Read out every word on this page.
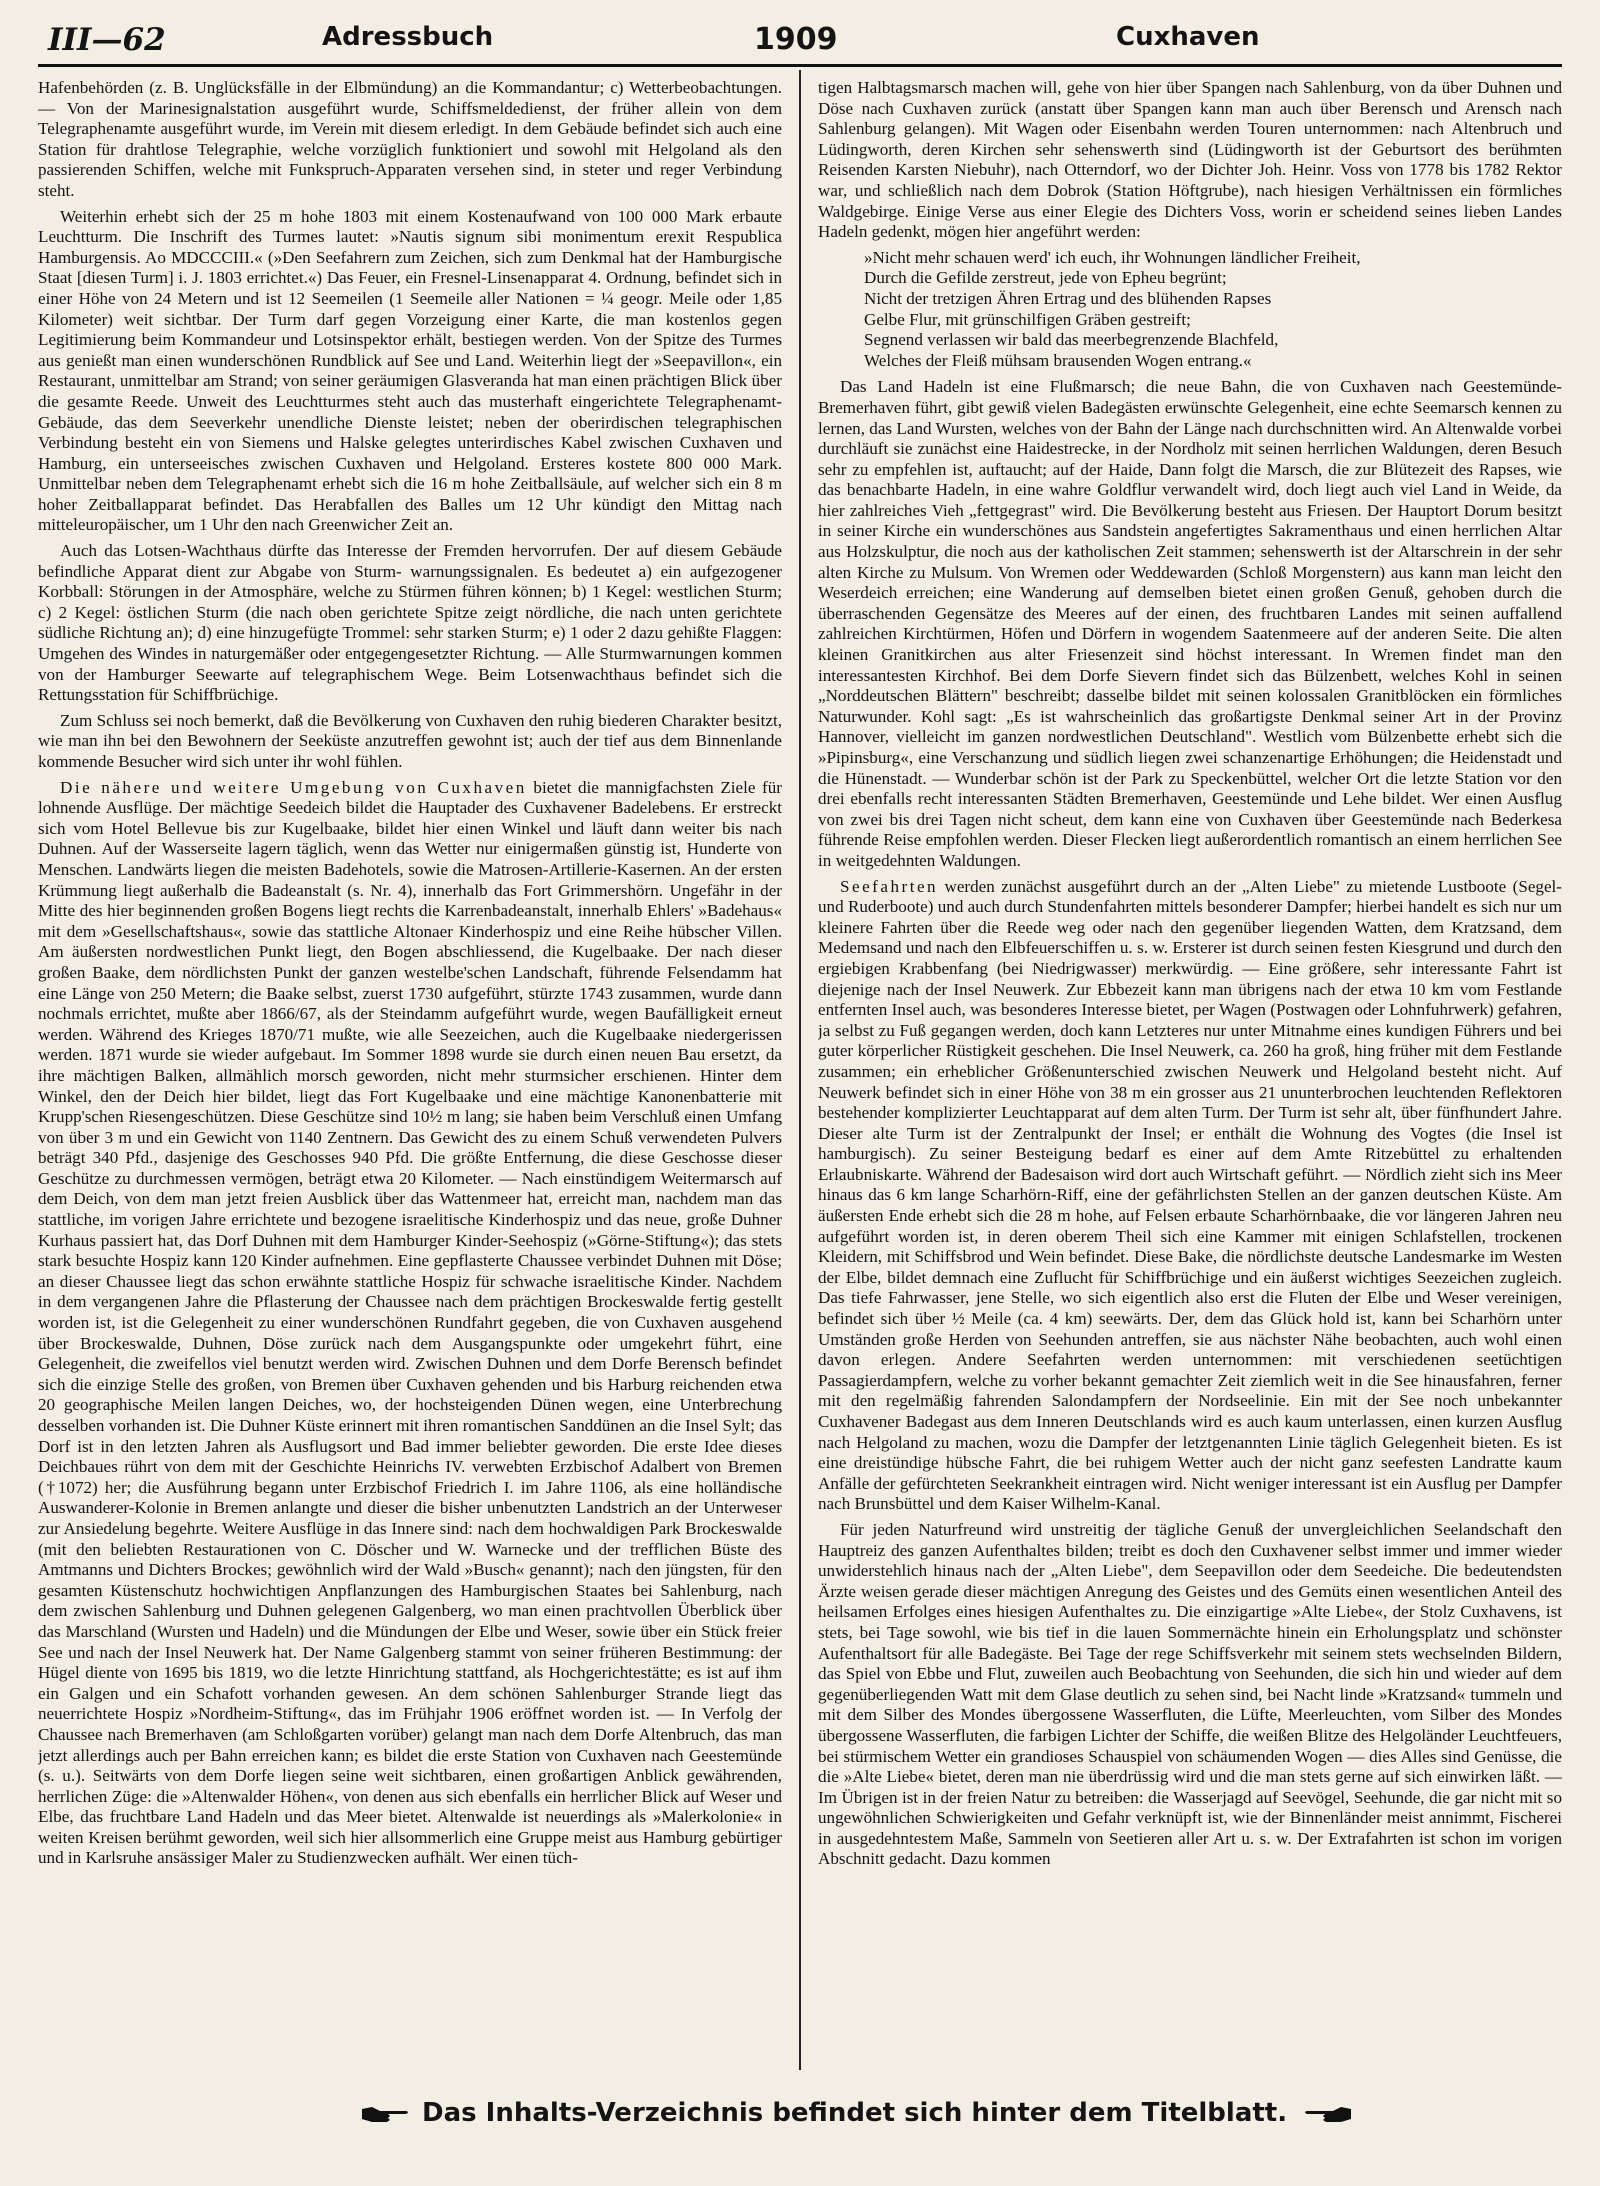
III—62	Adressbuch	1909	Cuxhaven

Hafenbehörden (z. B. Unglücksfälle in der Elbmündung) an die Kommandantur; c) Wetterbeobachtungen. — Von der Marinesignalstation ausgeführt wurde, Schiffsmeldedienst, der früher allein von dem Telegraphenamte ausgeführt wurde, im Verein mit diesem erledigt. In dem Gebäude befindet sich auch eine Station für drahtlose Telegraphie, welche vorzüglich funktioniert und sowohl mit Helgoland als den passierenden Schiffen, welche mit Funkspruch-Apparaten versehen sind, in steter und reger Verbindung steht.

Weiterhin erhebt sich der 25 m hohe 1803 mit einem Kostenaufwand von 100 000 Mark erbaute Leuchtturm. Die Inschrift des Turmes lautet: »Nautis signum sibi monimentum erexit Respublica Hamburgensis. Ao MDCCCIII.« (»Den Seefahrern zum Zeichen, sich zum Denkmal hat der Hamburgische Staat [diesen Turm] i. J. 1803 errichtet.«) Das Feuer, ein Fresnel-Linsenapparat 4. Ordnung, befindet sich in einer Höhe von 24 Metern und ist 12 Seemeilen (1 Seemeile aller Nationen = ¼ geogr. Meile oder 1,85 Kilometer) weit sichtbar. Der Turm darf gegen Vorzeigung einer Karte, die man kostenlos gegen Legitimierung beim Kommandeur und Lotsinspektor erhält, bestiegen werden. Von der Spitze des Turmes aus genießt man einen wunderschönen Rundblick auf See und Land. Weiterhin liegt der »Seepavillon«, ein Restaurant, unmittelbar am Strand; von seiner geräumigen Glasveranda hat man einen prächtigen Blick über die gesamte Reede. Unweit des Leuchtturmes steht auch das musterhaft eingerichtete Telegraphenamt-Gebäude, das dem Seeverkehr unendliche Dienste leistet; neben der oberirdischen telegraphischen Verbindung besteht ein von Siemens und Halske gelegtes unterirdisches Kabel zwischen Cuxhaven und Hamburg, ein unterseeisches zwischen Cuxhaven und Helgoland. Ersteres kostete 800 000 Mark. Unmittelbar neben dem Telegraphenamt erhebt sich die 16 m hohe Zeitballsäule, auf welcher sich ein 8 m hoher Zeitballapparat befindet. Das Herabfallen des Balles um 12 Uhr kündigt den Mittag nach mitteleuropäischer, um 1 Uhr den nach Greenwicher Zeit an.

Auch das Lotsen-Wachthaus dürfte das Interesse der Fremden hervorrufen. Der auf diesem Gebäude befindliche Apparat dient zur Abgabe von Sturm- warnungssignalen. Es bedeutet a) ein aufgezogener Korbball: Störungen in der Atmosphäre, welche zu Stürmen führen können; b) 1 Kegel: westlichen Sturm; c) 2 Kegel: östlichen Sturm (die nach oben gerichtete Spitze zeigt nördliche, die nach unten gerichtete südliche Richtung an); d) eine hinzugefügte Trommel: sehr starken Sturm; e) 1 oder 2 dazu gehißte Flaggen: Umgehen des Windes in naturgemäßer oder entgegengesetzter Richtung. — Alle Sturmwarnungen kommen von der Hamburger Seewarte auf telegraphischem Wege. Beim Lotsenwachthaus befindet sich die Rettungsstation für Schiffbrüchige.

Zum Schluss sei noch bemerkt, daß die Bevölkerung von Cuxhaven den ruhig biederen Charakter besitzt, wie man ihn bei den Bewohnern der Seeküste anzutreffen gewohnt ist; auch der tief aus dem Binnenlande kommende Besucher wird sich unter ihr wohl fühlen.

Die nähere und weitere Umgebung von Cuxhaven bietet die mannigfachsten Ziele für lohnende Ausflüge. Der mächtige Seedeich bildet die Hauptader des Cuxhavener Badelebens. Er erstreckt sich vom Hotel Bellevue bis zur Kugelbaake, bildet hier einen Winkel und läuft dann weiter bis nach Duhnen. Auf der Wasserseite lagern täglich, wenn das Wetter nur einigermaßen günstig ist, Hunderte von Menschen. Landwärts liegen die meisten Badehotels, sowie die Matrosen-Artillerie-Kasernen. An der ersten Krümmung liegt außerhalb die Badeanstalt (s. Nr. 4), innerhalb das Fort Grimmershörn. Ungefähr in der Mitte des hier beginnenden großen Bogens liegt rechts die Karrenbadeanstalt, innerhalb Ehlers' »Badehaus« mit dem »Gesellschaftshaus«, sowie das stattliche Altonaer Kinderhospiz und eine Reihe hübscher Villen. Am äußersten nordwestlichen Punkt liegt, den Bogen abschliessend, die Kugelbaake. Der nach dieser großen Baake, dem nördlichsten Punkt der ganzen westelbe'schen Landschaft, führende Felsendamm hat eine Länge von 250 Metern; die Baake selbst, zuerst 1730 aufgeführt, stürzte 1743 zusammen, wurde dann nochmals errichtet, mußte aber 1866/67, als der Steindamm aufgeführt wurde, wegen Baufälligkeit erneut werden. Während des Krieges 1870/71 mußte, wie alle Seezeichen, auch die Kugelbaake niedergerissen werden. 1871 wurde sie wieder aufgebaut. Im Sommer 1898 wurde sie durch einen neuen Bau ersetzt, da ihre mächtigen Balken, allmählich morsch geworden, nicht mehr sturmsicher erschienen. Hinter dem Winkel, den der Deich hier bildet, liegt das Fort Kugelbaake und eine mächtige Kanonenbatterie mit Krupp'schen Riesengeschützen. Diese Geschütze sind 10½ m lang; sie haben beim Verschluß einen Umfang von über 3 m und ein Gewicht von 1140 Zentnern. Das Gewicht des zu einem Schuß verwendeten Pulvers beträgt 340 Pfd., dasjenige des Geschosses 940 Pfd. Die größte Entfernung, die diese Geschosse dieser Geschütze zu durchmessen vermögen, beträgt etwa 20 Kilometer. — Nach einstündigem Weitermarsch auf dem Deich, von dem man jetzt freien Ausblick über das Wattenmeer hat, erreicht man, nachdem man das stattliche, im vorigen Jahre errichtete und bezogene israelitische Kinderhospiz und das neue, große Duhner Kurhaus passiert hat, das Dorf Duhnen mit dem Hamburger Kinder-Seehospiz (»Görne-Stiftung«); das stets stark besuchte Hospiz kann 120 Kinder aufnehmen. Eine gepflasterte Chaussee verbindet Duhnen mit Döse; an dieser Chaussee liegt das schon erwähnte stattliche Hospiz für schwache israelitische Kinder. Nachdem in dem vergangenen Jahre die Pflasterung der Chaussee nach dem prächtigen Brockeswalde fertig gestellt worden ist, ist die Gelegenheit zu einer wunderschönen Rundfahrt gegeben, die von Cuxhaven ausgehend über Brockeswalde, Duhnen, Döse zurück nach dem Ausgangspunkte oder umgekehrt führt, eine Gelegenheit, die zweifellos viel benutzt werden wird. Zwischen Duhnen und dem Dorfe Berensch befindet sich die einzige Stelle des großen, von Bremen über Cuxhaven gehenden und bis Harburg reichenden etwa 20 geographische Meilen langen Deiches, wo, der hochsteigenden Dünen wegen, eine Unterbrechung desselben vorhanden ist. Die Duhner Küste erinnert mit ihren romantischen Sanddünen an die Insel Sylt; das Dorf ist in den letzten Jahren als Ausflugsort und Bad immer beliebter geworden. Die erste Idee dieses Deichbaues rührt von dem mit der Geschichte Heinrichs IV. verwebten Erzbischof Adalbert von Bremen (†1072) her; die Ausführung begann unter Erzbischof Friedrich I. im Jahre 1106, als eine holländische Auswanderer-Kolonie in Bremen anlangte und dieser die bisher unbenutzten Landstrich an der Unterweser zur Ansiedelung begehrte. Weitere Ausflüge in das Innere sind: nach dem hochwaldigen Park Brockeswalde (mit den beliebten Restaurationen von C. Döscher und W. Warnecke und der trefflichen Büste des Amtmanns und Dichters Brockes; gewöhnlich wird der Wald »Busch« genannt); nach den jüngsten, für den gesamten Küstenschutz hochwichtigen Anpflanzungen des Hamburgischen Staates bei Sahlenburg, nach dem zwischen Sahlenburg und Duhnen gelegenen Galgenberg, wo man einen prachtvollen Überblick über das Marschland (Wursten und Hadeln) und die Mündungen der Elbe und Weser, sowie über ein Stück freier See und nach der Insel Neuwerk hat. Der Name Galgenberg stammt von seiner früheren Bestimmung: der Hügel diente von 1695 bis 1819, wo die letzte Hinrichtung stattfand, als Hochgerichtestätte; es ist auf ihm ein Galgen und ein Schafott vorhanden gewesen. An dem schönen Sahlenburger Strande liegt das neuerrichtete Hospiz »Nordheim-Stiftung«, das im Frühjahr 1906 eröffnet worden ist. — In Verfolg der Chaussee nach Bremerhaven (am Schloßgarten vorüber) gelangt man nach dem Dorfe Altenbruch, das man jetzt allerdings auch per Bahn erreichen kann; es bildet die erste Station von Cuxhaven nach Geestemünde (s. u.). Seitwärts von dem Dorfe liegen seine weit sichtbaren, einen großartigen Anblick gewährenden, herrlichen Züge: die »Altenwalder Höhen«, von denen aus sich ebenfalls ein herrlicher Blick auf Weser und Elbe, das fruchtbare Land Hadeln und das Meer bietet. Altenwalde ist neuerdings als »Malerkolonie« in weiten Kreisen berühmt geworden, weil sich hier allsommerlich eine Gruppe meist aus Hamburg gebürtiger und in Karlsruhe ansässiger Maler zu Studienzwecken aufhält. Wer einen tüch-

tigen Halbtagsmarsch machen will, gehe von hier über Spangen nach Sahlenburg, von da über Duhnen und Döse nach Cuxhaven zurück (anstatt über Spangen kann man auch über Berensch und Arensch nach Sahlenburg gelangen). Mit Wagen oder Eisenbahn werden Touren unternommen: nach Altenbruch und Lüdingworth, deren Kirchen sehr sehenswerth sind (Lüdingworth ist der Geburtsort des berühmten Reisenden Karsten Niebuhr), nach Otterndorf, wo der Dichter Joh. Heinr. Voss von 1778 bis 1782 Rektor war, und schließlich nach dem Dobrok (Station Höftgrube), nach hiesigen Verhältnissen ein förmliches Waldgebirge. Einige Verse aus einer Elegie des Dichters Voss, worin er scheidend seines lieben Landes Hadeln gedenkt, mögen hier angeführt werden:

»Nicht mehr schauen werd' ich euch, ihr Wohnungen ländlicher Freiheit,
Durch die Gefilde zerstreut, jede von Epheu begrünt;
Nicht der tretzigen Ähren Ertrag und des blühenden Rapses
Gelbe Flur, mit grünschilfigen Gräben gestreift;
Segnend verlassen wir bald das meerbegrenzende Blachfeld,
Welches der Fleiß mühsam brausenden Wogen entrang.«

Das Land Hadeln ist eine Flußmarsch; die neue Bahn, die von Cuxhaven nach Geestemünde-Bremerhaven führt, gibt gewiß vielen Badegästen erwünschte Gelegenheit, eine echte Seemarsch kennen zu lernen, das Land Wursten, welches von der Bahn der Länge nach durchschnitten wird. An Altenwalde vorbei durchläuft sie zunächst eine Haidestrecke, in der Nordholz mit seinen herrlichen Waldungen, deren Besuch sehr zu empfehlen ist, auftaucht; auf der Haide, Dann folgt die Marsch, die zur Blütezeit des Rapses, wie das benachbarte Hadeln, in eine wahre Goldflur verwandelt wird, doch liegt auch viel Land in Weide, da hier zahlreiches Vieh „fettgegrast" wird. Die Bevölkerung besteht aus Friesen. Der Hauptort Dorum besitzt in seiner Kirche ein wunderschönes aus Sandstein angefertigtes Sakramenthaus und einen herrlichen Altar aus Holzskulptur, die noch aus der katholischen Zeit stammen; sehenswerth ist der Altarschrein in der sehr alten Kirche zu Mulsum. Von Wremen oder Weddewarden (Schloß Morgenstern) aus kann man leicht den Weserdeich erreichen; eine Wanderung auf demselben bietet einen großen Genuß, gehoben durch die überraschenden Gegensätze des Meeres auf der einen, des fruchtbaren Landes mit seinen auffallend zahlreichen Kirchtürmen, Höfen und Dörfern in wogendem Saatenmeere auf der anderen Seite. Die alten kleinen Granitkirchen aus alter Friesenzeit sind höchst interessant. In Wremen findet man den interessantesten Kirchhof. Bei dem Dorfe Sievern findet sich das Bülzenbett, welches Kohl in seinen „Norddeutschen Blättern" beschreibt; dasselbe bildet mit seinen kolossalen Granitblöcken ein förmliches Naturwunder. Kohl sagt: „Es ist wahrscheinlich das großartigste Denkmal seiner Art in der Provinz Hannover, vielleicht im ganzen nordwestlichen Deutschland". Westlich vom Bülzenbette erhebt sich die »Pipinsburg«, eine Verschanzung und südlich liegen zwei schanzenartige Erhöhungen; die Heidenstadt und die Hünenstadt. — Wunderbar schön ist der Park zu Speckenbüttel, welcher Ort die letzte Station vor den drei ebenfalls recht interessanten Städten Bremerhaven, Geestemünde und Lehe bildet. Wer einen Ausflug von zwei bis drei Tagen nicht scheut, dem kann eine von Cuxhaven über Geestemünde nach Bederkesa führende Reise empfohlen werden. Dieser Flecken liegt außerordentlich romantisch an einem herrlichen See in weitgedehnten Waldungen.

Seefahrten werden zunächst ausgeführt durch an der „Alten Liebe" zu mietende Lustboote (Segel- und Ruderboote) und auch durch Stundenfahrten mittels besonderer Dampfer; hierbei handelt es sich nur um kleinere Fahrten über die Reede weg oder nach den gegenüber liegenden Watten, dem Kratzsand, dem Medemsand und nach den Elbfeuerschiffen u. s. w. Ersterer ist durch seinen festen Kiesgrund und durch den ergiebigen Krabbenfang (bei Niedrigwasser) merkwürdig. — Eine größere, sehr interessante Fahrt ist diejenige nach der Insel Neuwerk. Zur Ebbezeit kann man übrigens nach der etwa 10 km vom Festlande entfernten Insel auch, was besonderes Interesse bietet, per Wagen (Postwagen oder Lohnfuhrwerk) gefahren, ja selbst zu Fuß gegangen werden, doch kann Letzteres nur unter Mitnahme eines kundigen Führers und bei guter körperlicher Rüstigkeit geschehen. Die Insel Neuwerk, ca. 260 ha groß, hing früher mit dem Festlande zusammen; ein erheblicher Größenunterschied zwischen Neuwerk und Helgoland besteht nicht. Auf Neuwerk befindet sich in einer Höhe von 38 m ein grosser aus 21 ununterbrochen leuchtenden Reflektoren bestehender komplizierter Leuchtapparat auf dem alten Turm. Der Turm ist sehr alt, über fünfhundert Jahre. Dieser alte Turm ist der Zentralpunkt der Insel; er enthält die Wohnung des Vogtes (die Insel ist hamburgisch). Zu seiner Besteigung bedarf es einer auf dem Amte Ritzebüttel zu erhaltenden Erlaubniskarte. Während der Badesaison wird dort auch Wirtschaft geführt. — Nördlich zieht sich ins Meer hinaus das 6 km lange Scharhörn-Riff, eine der gefährlichsten Stellen an der ganzen deutschen Küste. Am äußersten Ende erhebt sich die 28 m hohe, auf Felsen erbaute Scharhörnbaake, die vor längeren Jahren neu aufgeführt worden ist, in deren oberem Theil sich eine Kammer mit einigen Schlafstellen, trockenen Kleidern, mit Schiffsbrod und Wein befindet. Diese Bake, die nördlichste deutsche Landesmarke im Westen der Elbe, bildet demnach eine Zuflucht für Schiffbrüchige und ein äußerst wichtiges Seezeichen zugleich. Das tiefe Fahrwasser, jene Stelle, wo sich eigentlich also erst die Fluten der Elbe und Weser vereinigen, befindet sich über ½ Meile (ca. 4 km) seewärts. Der, dem das Glück hold ist, kann bei Scharhörn unter Umständen große Herden von Seehunden antreffen, sie aus nächster Nähe beobachten, auch wohl einen davon erlegen. Andere Seefahrten werden unternommen: mit verschiedenen seetüchtigen Passagierdampfern, welche zu vorher bekannt gemachter Zeit ziemlich weit in die See hinausfahren, ferner mit den regelmäßig fahrenden Salondampfern der Nordseelinie. Ein mit der See noch unbekannter Cuxhavener Badegast aus dem Inneren Deutschlands wird es auch kaum unterlassen, einen kurzen Ausflug nach Helgoland zu machen, wozu die Dampfer der letztgenannten Linie täglich Gelegenheit bieten. Es ist eine dreistündige hübsche Fahrt, die bei ruhigem Wetter auch der nicht ganz seefesten Landratte kaum Anfälle der gefürchteten Seekrankheit eintragen wird. Nicht weniger interessant ist ein Ausflug per Dampfer nach Brunsbüttel und dem Kaiser Wilhelm-Kanal.

Für jeden Naturfreund wird unstreitig der tägliche Genuß der unvergleichlichen Seelandschaft den Hauptreiz des ganzen Aufenthaltes bilden; treibt es doch den Cuxhavener selbst immer und immer wieder unwiderstehlich hinaus nach der „Alten Liebe", dem Seepavillon oder dem Seedeiche. Die bedeutendsten Ärzte weisen gerade dieser mächtigen Anregung des Geistes und des Gemüts einen wesentlichen Anteil des heilsamen Erfolges eines hiesigen Aufenthaltes zu. Die einzigartige »Alte Liebe«, der Stolz Cuxhavens, ist stets, bei Tage sowohl, wie bis tief in die lauen Sommernächte hinein ein Erholungsplatz und schönster Aufenthaltsort für alle Badegäste. Bei Tage der rege Schiffsverkehr mit seinem stets wechselnden Bildern, das Spiel von Ebbe und Flut, zuweilen auch Beobachtung von Seehunden, die sich hin und wieder auf dem gegenüberliegenden Watt mit dem Glase deutlich zu sehen sind, bei Nacht linde »Kratzsand« tummeln und mit dem Silber des Mondes übergossene Wasserfluten, die Lüfte, Meerleuchten, vom Silber des Mondes übergossene Wasserfluten, die farbigen Lichter der Schiffe, die weißen Blitze des Helgoländer Leuchtfeuers, bei stürmischem Wetter ein grandioses Schauspiel von schäumenden Wogen — dies Alles sind Genüsse, die die »Alte Liebe« bietet, deren man nie überdrüssig wird und die man stets gerne auf sich einwirken läßt. — Im Übrigen ist in der freien Natur zu betreiben: die Wasserjagd auf Seevögel, Seehunde, die gar nicht mit so ungewöhnlichen Schwierigkeiten und Gefahr verknüpft ist, wie der Binnenländer meist annimmt, Fischerei in ausgedehntestem Maße, Sammeln von Seetieren aller Art u. s. w. Der Extrafahrten ist schon im vorigen Abschnitt gedacht. Dazu kommen

Das Inhalts-Verzeichnis befindet sich hinter dem Titelblatt.
